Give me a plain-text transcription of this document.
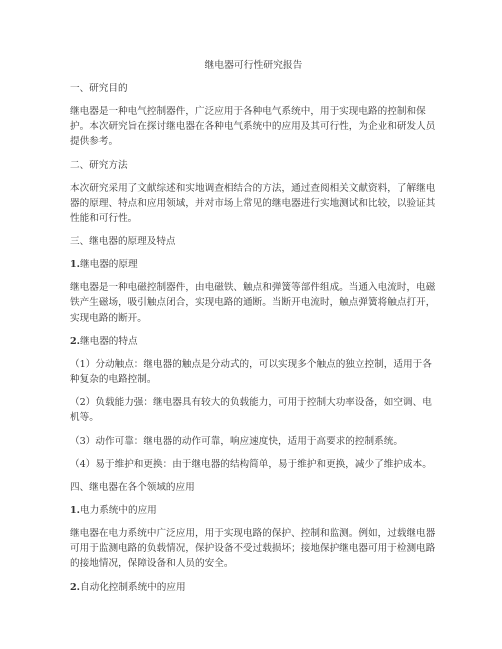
继电器可行性研究报告
一、研究目的
继电器是一种电气控制器件，广泛应用于各种电气系统中，用于实现电路的控制和保护。本次研究旨在探讨继电器在各种电气系统中的应用及其可行性，为企业和研发人员提供参考。
二、研究方法
本次研究采用了文献综述和实地调查相结合的方法，通过查阅相关文献资料，了解继电器的原理、特点和应用领域，并对市场上常见的继电器进行实地测试和比较，以验证其性能和可行性。
三、继电器的原理及特点
1.继电器的原理
继电器是一种电磁控制器件，由电磁铁、触点和弹簧等部件组成。当通入电流时，电磁铁产生磁场，吸引触点闭合，实现电路的通断。当断开电流时，触点弹簧将触点打开，实现电路的断开。
2.继电器的特点
（1）分动触点：继电器的触点是分动式的，可以实现多个触点的独立控制，适用于各种复杂的电路控制。
（2）负载能力强：继电器具有较大的负载能力，可用于控制大功率设备，如空调、电机等。
（3）动作可靠：继电器的动作可靠，响应速度快，适用于高要求的控制系统。
（4）易于维护和更换：由于继电器的结构简单，易于维护和更换，减少了维护成本。
四、继电器在各个领域的应用
1.电力系统中的应用
继电器在电力系统中广泛应用，用于实现电路的保护、控制和监测。例如，过载继电器可用于监测电路的负载情况，保护设备不受过载损坏；接地保护继电器可用于检测电路的接地情况，保障设备和人员的安全。
2.自动化控制系统中的应用
